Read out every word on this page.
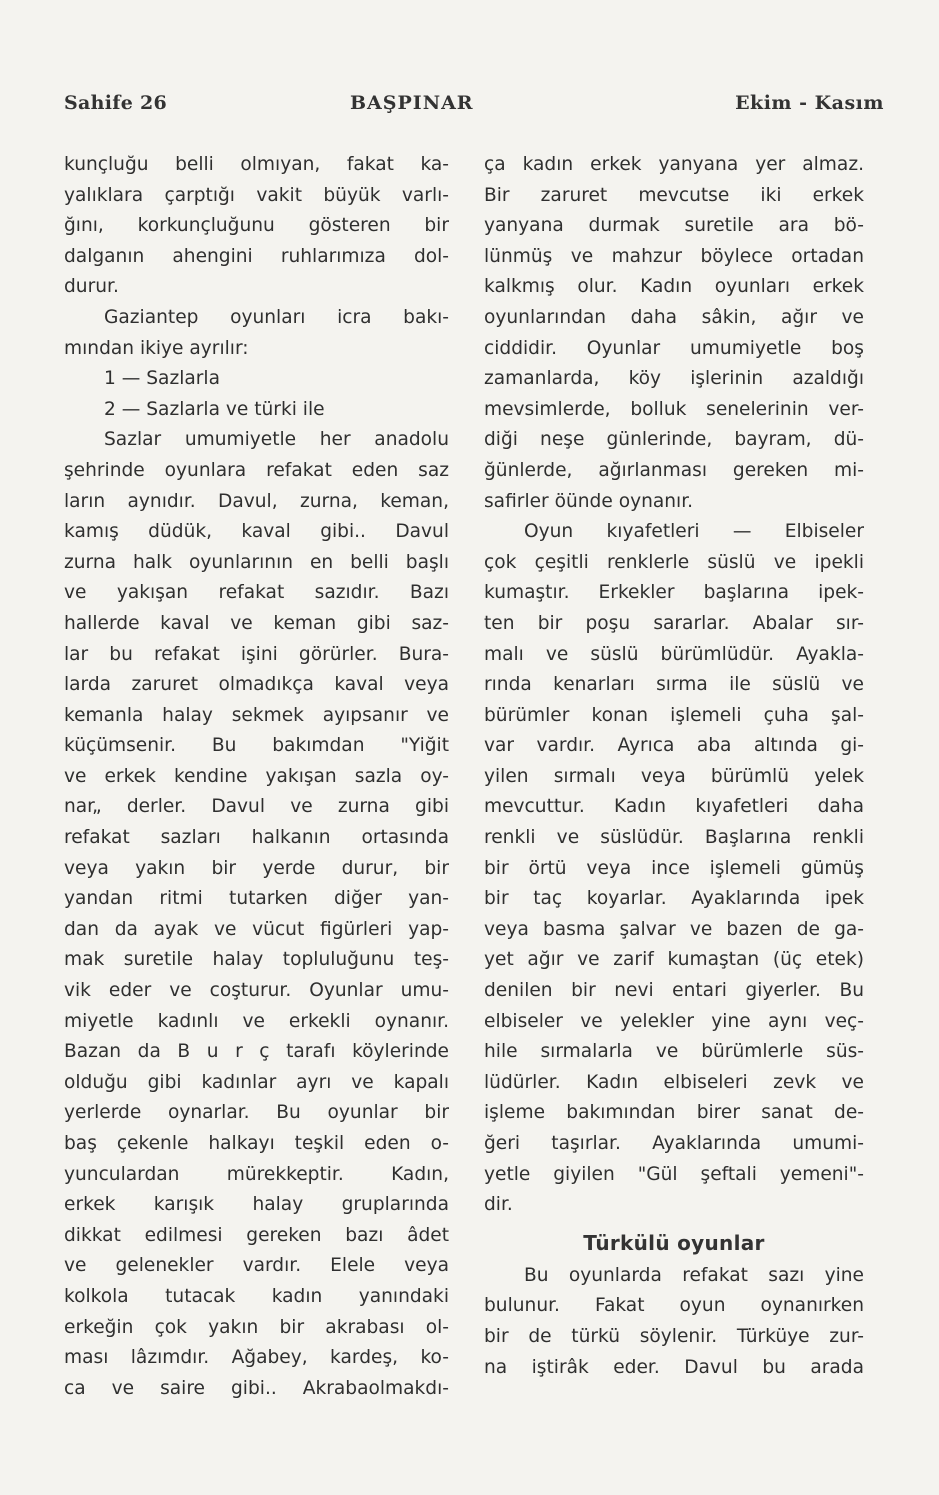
Sahife 26	BAŞPINAR	Ekim - Kasım
kunçluğu belli olmıyan, fakat ka-
yalıklara çarptığı vakit büyük varlı-
ğını, korkunçluğunu gösteren bir
dalganın ahengini ruhlarımıza dol-
durur.
Gaziantep oyunları icra bakı-
mından ikiye ayrılır:
1 — Sazlarla
2 — Sazlarla ve türki ile
Sazlar umumiyetle her anadolu
şehrinde oyunlara refakat eden saz
ların aynıdır. Davul, zurna, keman,
kamış düdük, kaval gibi.. Davul
zurna halk oyunlarının en belli başlı
ve yakışan refakat sazıdır. Bazı
hallerde kaval ve keman gibi saz-
lar bu refakat işini görürler. Bura-
larda zaruret olmadıkça kaval veya
kemanla halay sekmek ayıpsanır ve
küçümsenir. Bu bakımdan "Yiğit
ve erkek kendine yakışan sazla oy-
nar„ derler. Davul ve zurna gibi
refakat sazları halkanın ortasında
veya yakın bir yerde durur, bir
yandan ritmi tutarken diğer yan-
dan da ayak ve vücut figürleri yap-
mak suretile halay topluluğunu teş-
vik eder ve coşturur. Oyunlar umu-
miyetle kadınlı ve erkekli oynanır.
Bazan da B u r ç tarafı köylerinde
olduğu gibi kadınlar ayrı ve kapalı
yerlerde oynarlar. Bu oyunlar bir
baş çekenle halkayı teşkil eden o-
yunculardan mürekkeptir. Kadın,
erkek karışık halay gruplarında
dikkat edilmesi gereken bazı âdet
ve gelenekler vardır. Elele veya
kolkola tutacak kadın yanındaki
erkeğin çok yakın bir akrabası ol-
ması lâzımdır. Ağabey, kardeş, ko-
ca ve saire gibi.. Akrabaolmakdı-
ça kadın erkek yanyana yer almaz.
Bir zaruret mevcutse iki erkek
yanyana durmak suretile ara bö-
lünmüş ve mahzur böylece ortadan
kalkmış olur. Kadın oyunları erkek
oyunlarından daha sâkin, ağır ve
ciddidir. Oyunlar umumiyetle boş
zamanlarda, köy işlerinin azaldığı
mevsimlerde, bolluk senelerinin ver-
diği neşe günlerinde, bayram, dü-
ğünlerde, ağırlanması gereken mi-
safirler öünde oynanır.
Oyun kıyafetleri — Elbiseler
çok çeşitli renklerle süslü ve ipekli
kumaştır. Erkekler başlarına ipek-
ten bir poşu sararlar. Abalar sır-
malı ve süslü bürümlüdür. Ayakla-
rında kenarları sırma ile süslü ve
bürümler konan işlemeli çuha şal-
var vardır. Ayrıca aba altında gi-
yilen sırmalı veya bürümlü yelek
mevcuttur. Kadın kıyafetleri daha
renkli ve süslüdür. Başlarına renkli
bir örtü veya ince işlemeli gümüş
bir taç koyarlar. Ayaklarında ipek
veya basma şalvar ve bazen de ga-
yet ağır ve zarif kumaştan (üç etek)
denilen bir nevi entari giyerler. Bu
elbiseler ve yelekler yine aynı veç-
hile sırmalarla ve bürümlerle süs-
lüdürler. Kadın elbiseleri zevk ve
işleme bakımından birer sanat de-
ğeri taşırlar. Ayaklarında umumi-
yetle giyilen "Gül şeftali yemeni"-
dir.
Türkülü oyunlar
Bu oyunlarda refakat sazı yine
bulunur. Fakat oyun oynanırken
bir de türkü söylenir. Türküye zur-
na iştirâk eder. Davul bu arada
